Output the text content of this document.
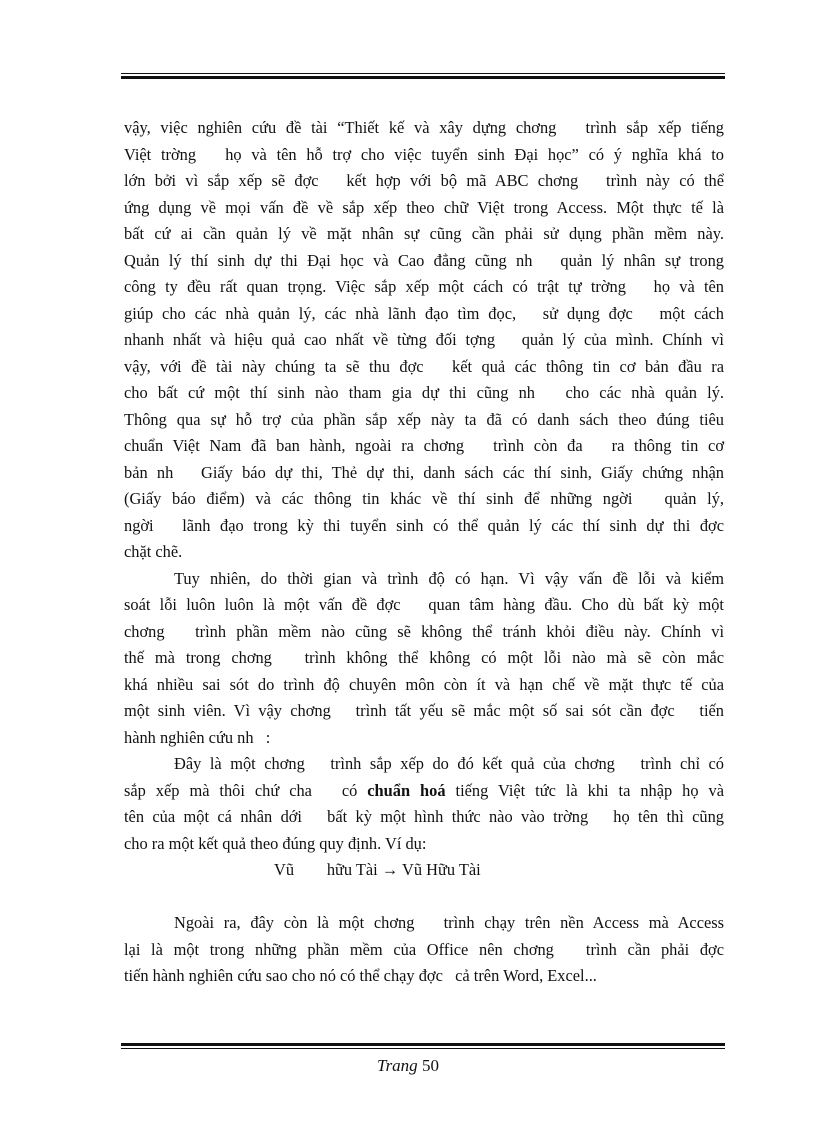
vậy, việc nghiên cứu đề tài “Thiết kế và xây dựng chơng   trình sắp xếp tiếng
Việt trờng   họ và tên hỗ trợ cho việc tuyển sinh Đại học” có ý nghĩa khá to
lớn bởi vì sắp xếp sẽ đợc   kết hợp với bộ mã ABC chơng   trình này có thể
ứng dụng về mọi vấn đề về sắp xếp theo chữ Việt trong Access. Một thực tế là
bất cứ ai cần quản lý về mặt nhân sự cũng cần phải sử dụng phần mềm này.
Quản lý thí sinh dự thi Đại học và Cao đẳng cũng nh   quản lý nhân sự trong
công ty đều rất quan trọng. Việc sắp xếp một cách có trật tự trờng   họ và tên
giúp cho các nhà quản lý, các nhà lãnh đạo tìm đọc,   sử dụng đợc   một cách
nhanh nhất và hiệu quả cao nhất về từng đối tợng   quản lý của mình. Chính vì
vậy, với đề tài này chúng ta sẽ thu đợc   kết quả các thông tin cơ bản đầu ra
cho bất cứ một thí sinh nào tham gia dự thi cũng nh   cho các nhà quản lý.
Thông qua sự hỗ trợ của phần sắp xếp này ta đã có danh sách theo đúng tiêu
chuẩn Việt Nam đã ban hành, ngoài ra chơng   trình còn đa   ra thông tin cơ
bản nh   Giấy báo dự thi, Thẻ dự thi, danh sách các thí sinh, Giấy chứng nhận
(Giấy báo điểm) và các thông tin khác về thí sinh để những ngời   quản lý,
ngời   lãnh đạo trong kỳ thi tuyển sinh có thể quản lý các thí sinh dự thi đợc
chặt chẽ.
Tuy nhiên, do thời gian và trình độ có hạn. Vì vậy vấn đề lỗi và kiểm
soát lỗi luôn luôn là một vấn đề đợc   quan tâm hàng đầu. Cho dù bất kỳ một
chơng   trình phần mềm nào cũng sẽ không thể tránh khỏi điều này. Chính vì
thế mà trong chơng   trình không thể không có một lỗi nào mà sẽ còn mắc
khá nhiều sai sót do trình độ chuyên môn còn ít và hạn chế về mặt thực tế của
một sinh viên. Vì vậy chơng   trình tất yếu sẽ mắc một số sai sót cần đợc   tiến
hành nghiên cứu nh   :
Đây là một chơng   trình sắp xếp do đó kết quả của chơng   trình chỉ có
sắp xếp mà thôi chứ cha   có chuẩn hoá tiếng Việt tức là khi ta nhập họ và
tên của một cá nhân dới   bất kỳ một hình thức nào vào trờng   họ tên thì cũng
cho ra một kết quả theo đúng quy định. Ví dụ:
Vũ        hữu Tài → Vũ Hữu Tài
Ngoài ra, đây còn là một chơng   trình chạy trên nền Access mà Access
lại là một trong những phần mềm của Office nên chơng   trình cần phải đợc
tiến hành nghiên cứu sao cho nó có thể chạy đợc   cả trên Word, Excel...
Trang 50
